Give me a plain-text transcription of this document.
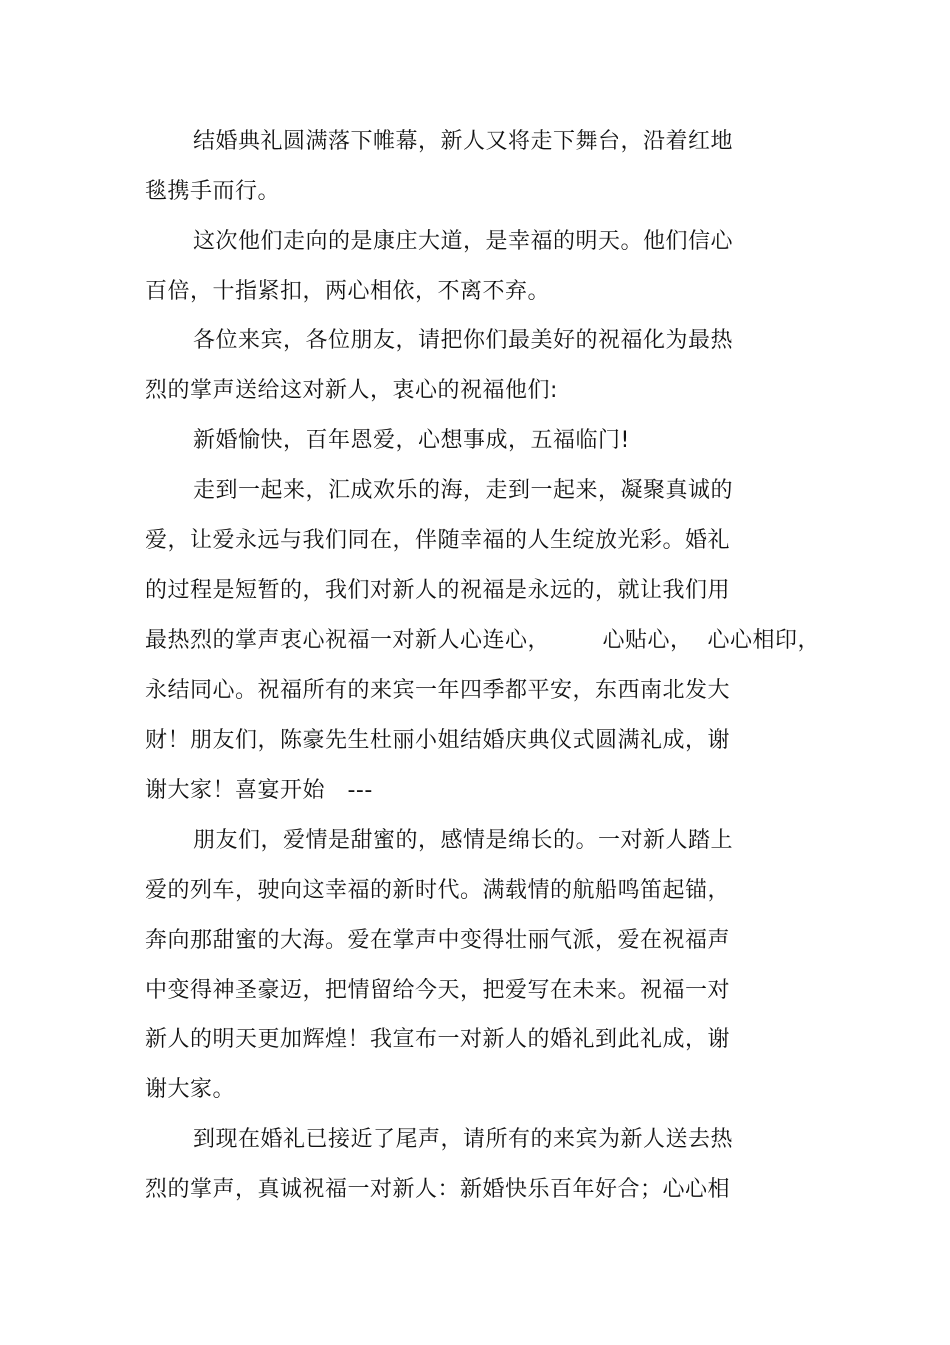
结婚典礼圆满落下帷幕，新人又将走下舞台，沿着红地
毯携手而行。
这次他们走向的是康庄大道，是幸福的明天。他们信心
百倍，十指紧扣，两心相依，不离不弃。
各位来宾，各位朋友，请把你们最美好的祝福化为最热
烈的掌声送给这对新人，衷心的祝福他们:
新婚愉快，百年恩爱，心想事成，五福临门!
走到一起来，汇成欢乐的海，走到一起来，凝聚真诚的
爱，让爱永远与我们同在，伴随幸福的人生绽放光彩。婚礼
的过程是短暂的，我们对新人的祝福是永远的，就让我们用
最热烈的掌声衷心祝福一对新人心连心，       心贴心，  心心相印，
永结同心。祝福所有的来宾一年四季都平安，东西南北发大
财！朋友们，陈豪先生杜丽小姐结婚庆典仪式圆满礼成，谢
谢大家！喜宴开始   ---
朋友们，爱情是甜蜜的，感情是绵长的。一对新人踏上
爱的列车，驶向这幸福的新时代。满载情的航船鸣笛起锚，
奔向那甜蜜的大海。爱在掌声中变得壮丽气派，爱在祝福声
中变得神圣豪迈，把情留给今天，把爱写在未来。祝福一对
新人的明天更加辉煌！我宣布一对新人的婚礼到此礼成，谢
谢大家。
到现在婚礼已接近了尾声，请所有的来宾为新人送去热
烈的掌声，真诚祝福一对新人：新婚快乐百年好合；心心相
